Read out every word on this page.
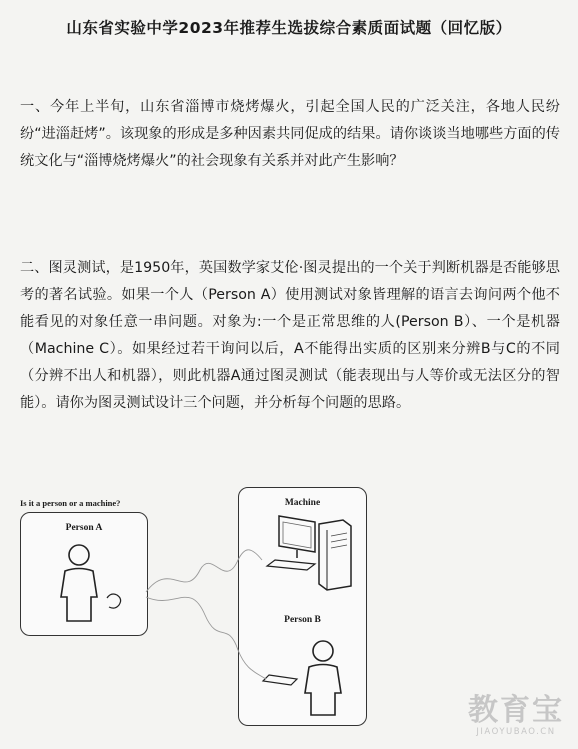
山东省实验中学2023年推荐生选拔综合素质面试题（回忆版）
一、今年上半旬，山东省淄博市烧烤爆火，引起全国人民的广泛关注，各地人民纷纷“进淄赶烤”。该现象的形成是多种因素共同促成的结果。请你谈谈当地哪些方面的传统文化与“淄博烧烤爆火”的社会现象有关系并对此产生影响？
二、图灵测试，是1950年，英国数学家艾伦·图灵提出的一个关于判断机器是否能够思考的著名试验。如果一个人（Person A）使用测试对象皆理解的语言去询问两个他不能看见的对象任意一串问题。对象为:一个是正常思维的人(Person B）、一个是机器（Machine C）。如果经过若干询问以后，A不能得出实质的区别来分辨B与C的不同（分辨不出人和机器），则此机器A通过图灵测试（能表现出与人等价或无法区分的智能）。请你为图灵测试设计三个问题，并分析每个问题的思路。
Is it a person or a machine?
Person A
Machine
Person B
教育宝
JIAOYUBAO.CN
